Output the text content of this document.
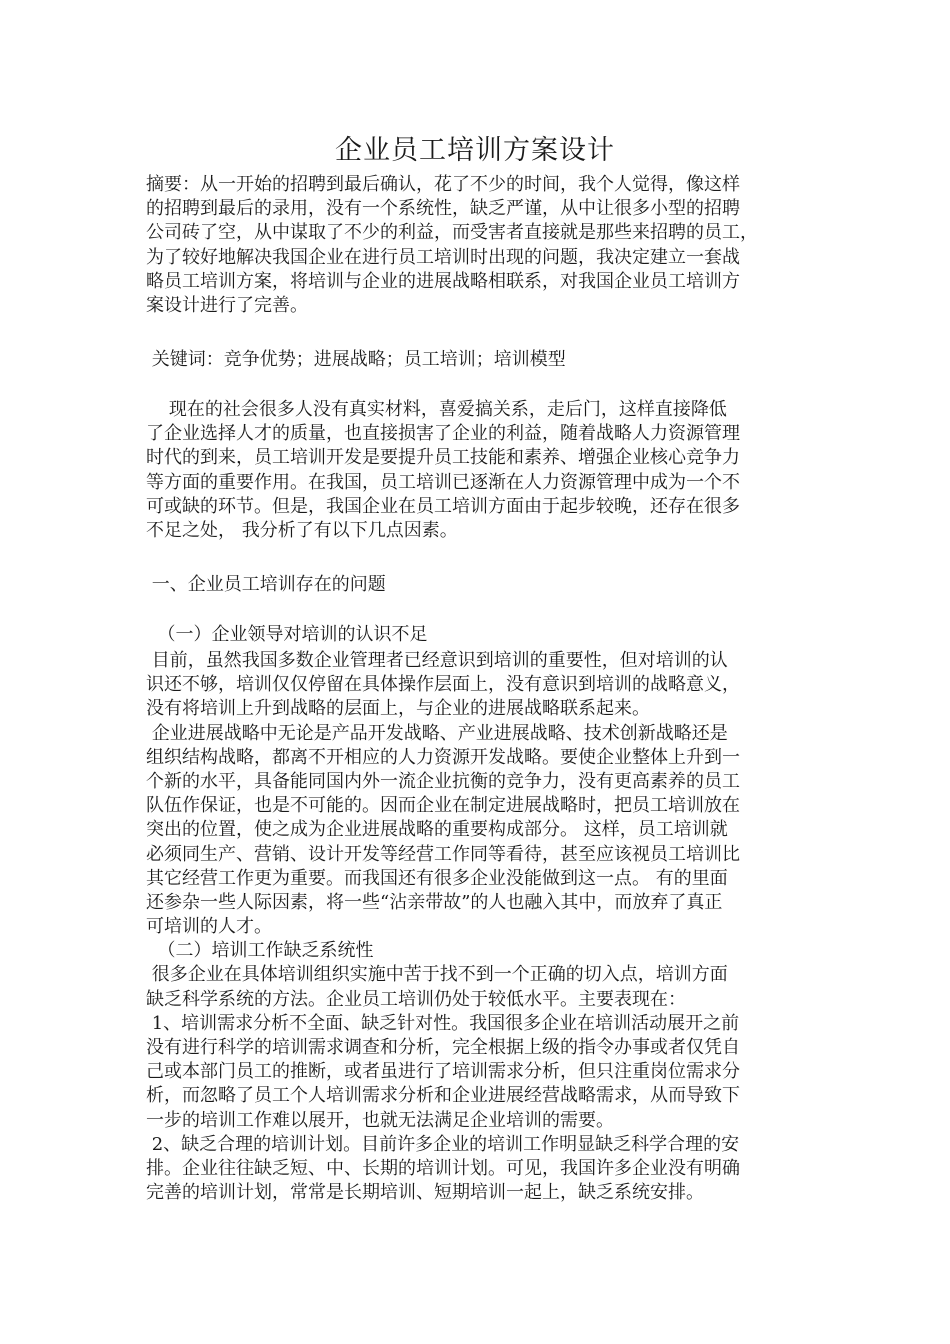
企业员工培训方案设计
摘要：从一开始的招聘到最后确认，花了不少的时间，我个人觉得，像这样
的招聘到最后的录用，没有一个系统性，缺乏严谨，从中让很多小型的招聘
公司砖了空，从中谋取了不少的利益，而受害者直接就是那些来招聘的员工，
为了较好地解决我国企业在进行员工培训时出现的问题，我决定建立一套战
略员工培训方案，将培训与企业的进展战略相联系，对我国企业员工培训方
案设计进行了完善。
关键词：竞争优势；进展战略；员工培训；培训模型
现在的社会很多人没有真实材料，喜爱搞关系，走后门，这样直接降低
了企业选择人才的质量，也直接损害了企业的利益，随着战略人力资源管理
时代的到来，员工培训开发是要提升员工技能和素养、增强企业核心竞争力
等方面的重要作用。在我国，员工培训已逐渐在人力资源管理中成为一个不
可或缺的环节。但是，我国企业在员工培训方面由于起步较晚，还存在很多
不足之处， 我分析了有以下几点因素。
一、企业员工培训存在的问题
（一）企业领导对培训的认识不足
目前，虽然我国多数企业管理者已经意识到培训的重要性，但对培训的认
识还不够，培训仅仅停留在具体操作层面上，没有意识到培训的战略意义，
没有将培训上升到战略的层面上，与企业的进展战略联系起来。
企业进展战略中无论是产品开发战略、产业进展战略、技术创新战略还是
组织结构战略，都离不开相应的人力资源开发战略。要使企业整体上升到一
个新的水平，具备能同国内外一流企业抗衡的竞争力，没有更高素养的员工
队伍作保证，也是不可能的。因而企业在制定进展战略时，把员工培训放在
突出的位置，使之成为企业进展战略的重要构成部分。 这样，员工培训就
必须同生产、营销、设计开发等经营工作同等看待，甚至应该视员工培训比
其它经营工作更为重要。而我国还有很多企业没能做到这一点。 有的里面
还参杂一些人际因素，将一些“沾亲带故”的人也融入其中，而放弃了真正
可培训的人才。
（二）培训工作缺乏系统性
很多企业在具体培训组织实施中苦于找不到一个正确的切入点，培训方面
缺乏科学系统的方法。企业员工培训仍处于较低水平。主要表现在：
1、培训需求分析不全面、缺乏针对性。我国很多企业在培训活动展开之前
没有进行科学的培训需求调查和分析，完全根据上级的指令办事或者仅凭自
己或本部门员工的推断，或者虽进行了培训需求分析，但只注重岗位需求分
析，而忽略了员工个人培训需求分析和企业进展经营战略需求，从而导致下
一步的培训工作难以展开，也就无法满足企业培训的需要。
2、缺乏合理的培训计划。目前许多企业的培训工作明显缺乏科学合理的安
排。企业往往缺乏短、中、长期的培训计划。可见，我国许多企业没有明确
完善的培训计划，常常是长期培训、短期培训一起上，缺乏系统安排。
